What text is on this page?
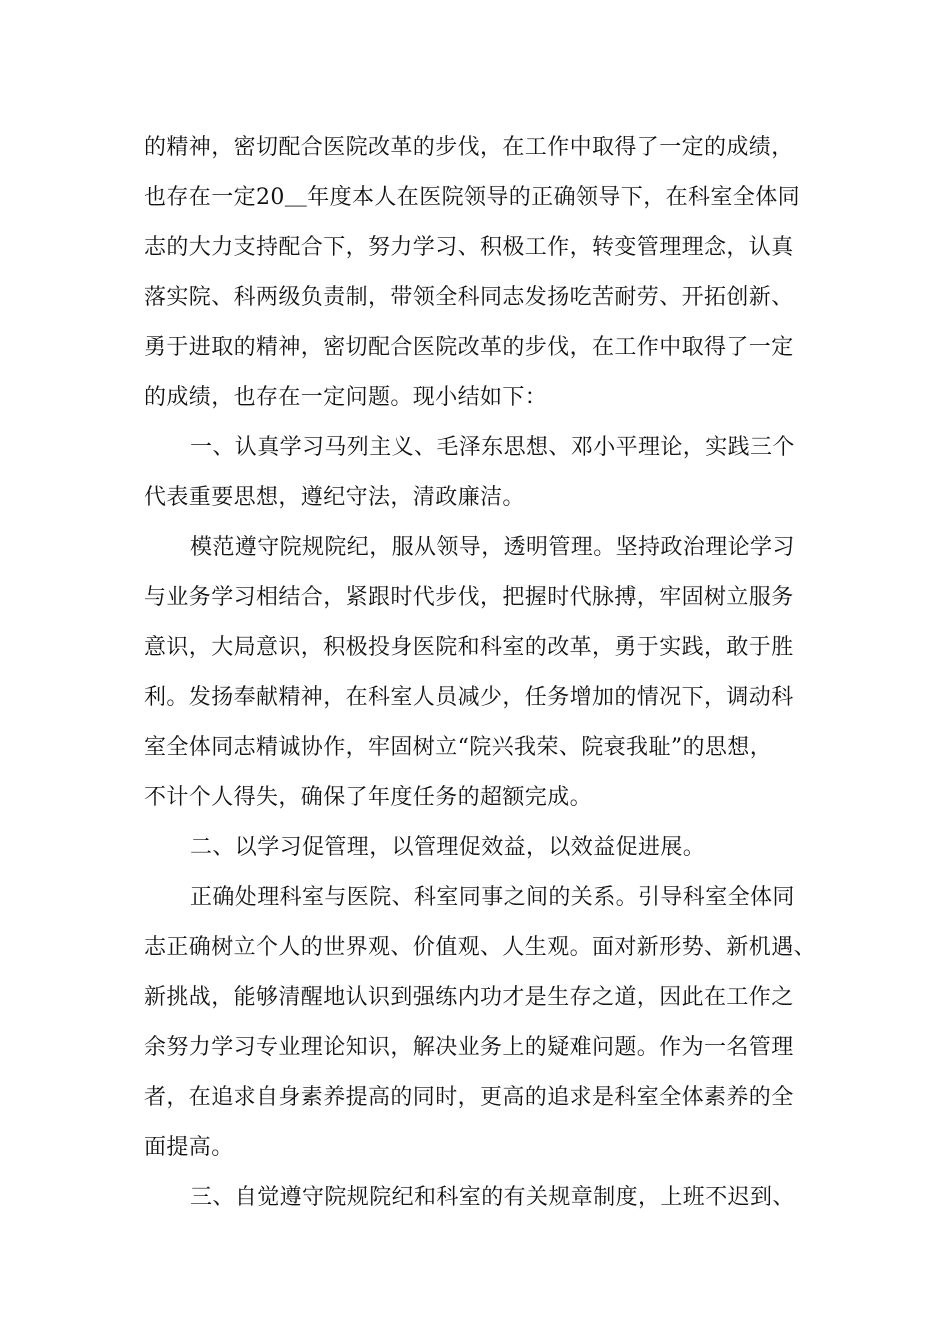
的精神，密切配合医院改革的步伐，在工作中取得了一定的成绩，
也存在一定20＿年度本人在医院领导的正确领导下，在科室全体同
志的大力支持配合下，努力学习、积极工作，转变管理理念，认真
落实院、科两级负责制，带领全科同志发扬吃苦耐劳、开拓创新、
勇于进取的精神，密切配合医院改革的步伐，在工作中取得了一定
的成绩，也存在一定问题。现小结如下：
一、认真学习马列主义、毛泽东思想、邓小平理论，实践三个
代表重要思想，遵纪守法，清政廉洁。
模范遵守院规院纪，服从领导，透明管理。坚持政治理论学习
与业务学习相结合，紧跟时代步伐，把握时代脉搏，牢固树立服务
意识，大局意识，积极投身医院和科室的改革，勇于实践，敢于胜
利。发扬奉献精神，在科室人员减少，任务增加的情况下，调动科
室全体同志精诚协作，牢固树立“院兴我荣、院衰我耻”的思想，
不计个人得失，确保了年度任务的超额完成。
二、以学习促管理，以管理促效益，以效益促进展。
正确处理科室与医院、科室同事之间的关系。引导科室全体同
志正确树立个人的世界观、价值观、人生观。面对新形势、新机遇、
新挑战，能够清醒地认识到强练内功才是生存之道，因此在工作之
余努力学习专业理论知识，解决业务上的疑难问题。作为一名管理
者，在追求自身素养提高的同时，更高的追求是科室全体素养的全
面提高。
三、自觉遵守院规院纪和科室的有关规章制度，上班不迟到、
